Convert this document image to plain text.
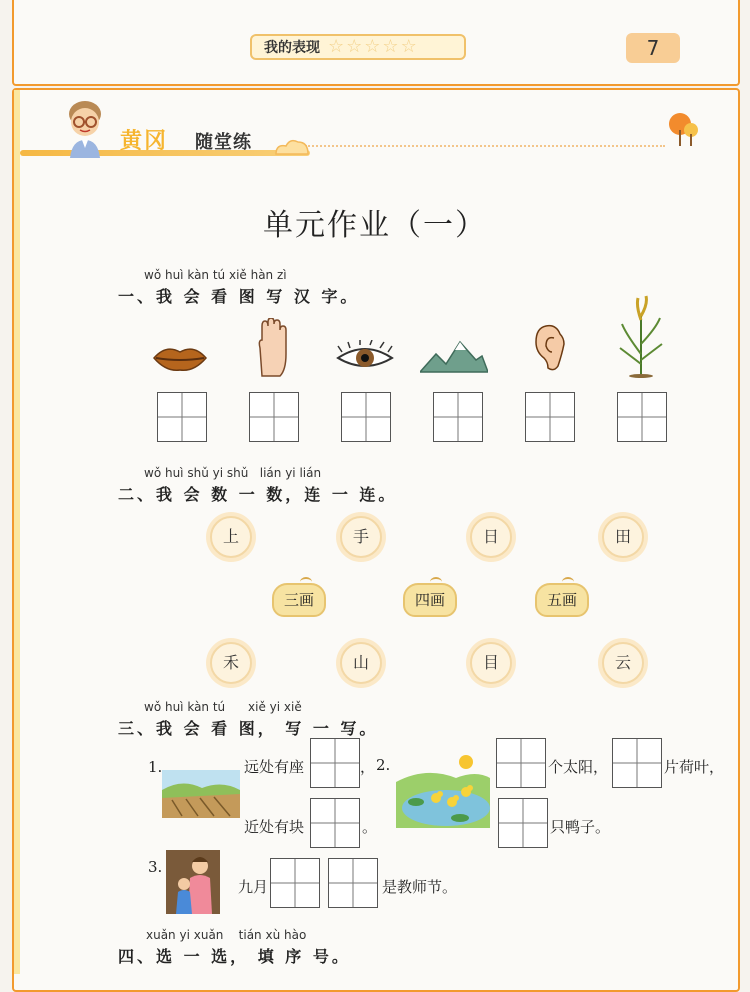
我的表现 ☆ ☆ ☆ ☆ ☆	7
黄冈 随堂练
单元作业（一）
wǒ huì kàn tú xiě hàn zì
一、我 会 看 图 写 汉 字。
wǒ huì shǔ yi shǔ   lián yi lián
二、我 会 数 一 数，连 一 连。
上	手	日	田
三画	四画	五画
禾	山	目	云
wǒ huì kàn tú      xiě yi xiě
三、我 会 看 图， 写 一 写。
1.	远处有座	，
近处有块	。
2.	个太阳，	片荷叶，
只鸭子。
3.
九月	是教师节。
xuǎn yi xuǎn    tián xù hào
四、选 一 选， 填 序 号。
